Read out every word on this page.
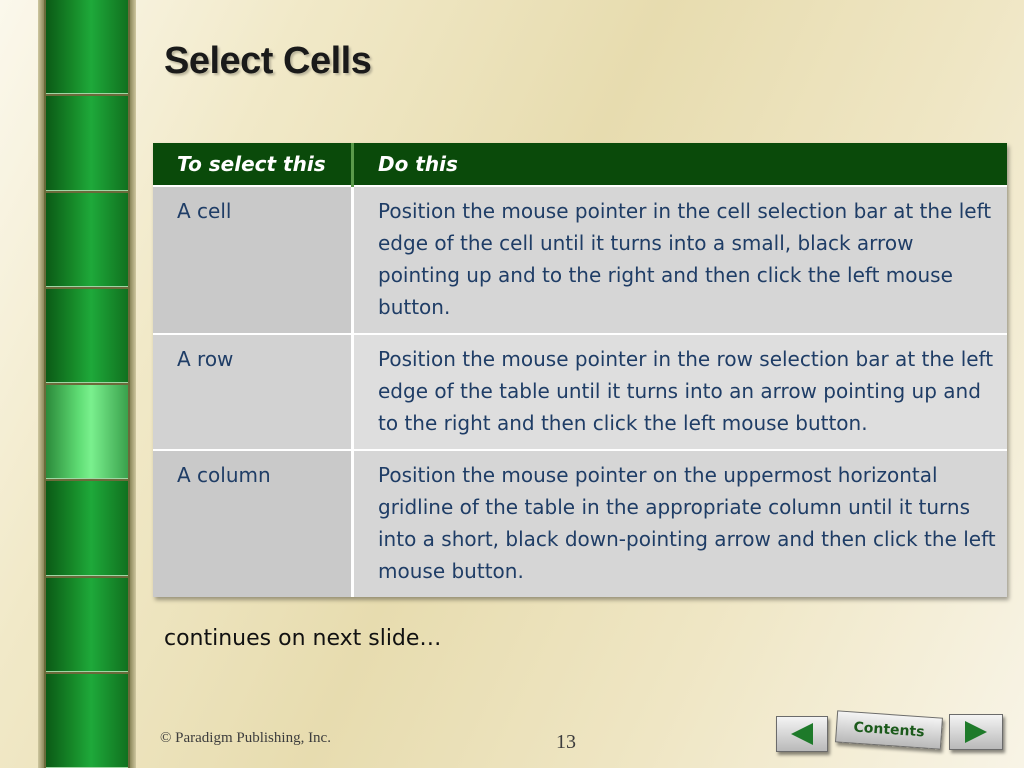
Select Cells
To select this	Do this
A cell	Position the mouse pointer in the cell selection bar at the left edge of the cell until it turns into a small, black arrow pointing up and to the right and then click the left mouse button.
A row	Position the mouse pointer in the row selection bar at the left edge of the table until it turns into an arrow pointing up and to the right and then click the left mouse button.
A column	Position the mouse pointer on the uppermost horizontal gridline of the table in the appropriate column until it turns into a short, black down-pointing arrow and then click the left mouse button.
continues on next slide…
© Paradigm Publishing, Inc.	13
Contents
